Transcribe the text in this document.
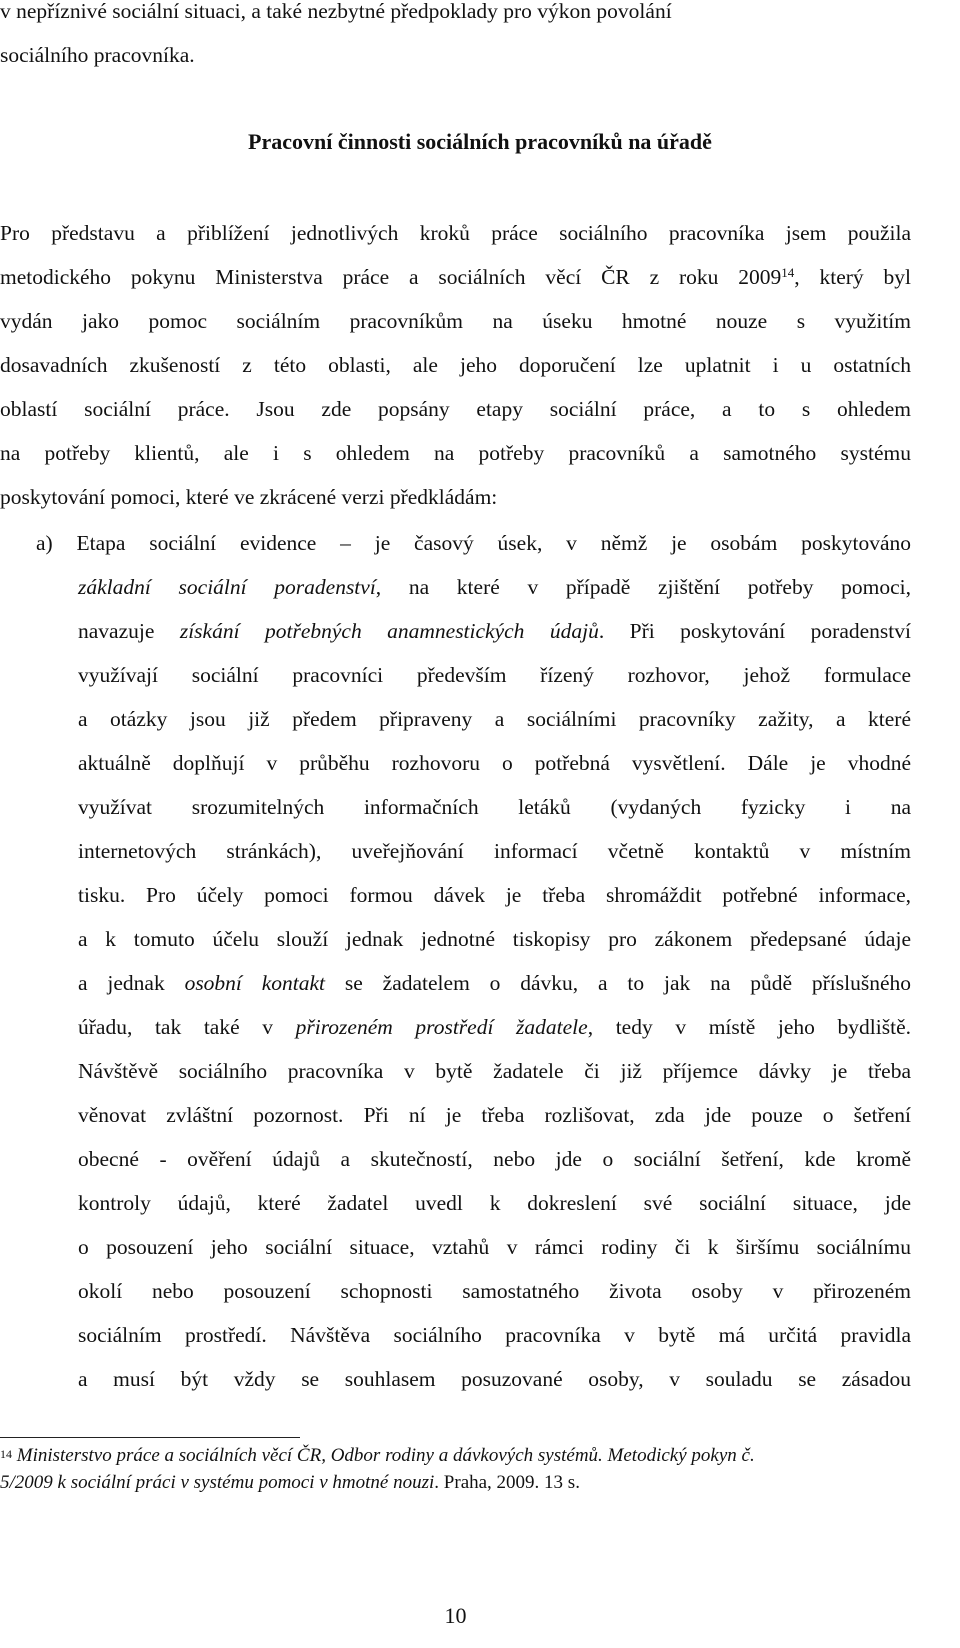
v nepříznivé sociální situaci, a také nezbytné předpoklady pro výkon povolání
sociálního pracovníka.
Pracovní činnosti sociálních pracovníků na úřadě
Pro představu a přiblížení jednotlivých kroků práce sociálního pracovníka jsem použila
metodického pokynu Ministerstva práce a sociálních věcí ČR z roku 2009$^{14}$, který byl
vydán jako pomoc sociálním pracovníkům na úseku hmotné nouze s využitím
dosavadních zkušeností z této oblasti, ale jeho doporučení lze uplatnit i u ostatních
oblastí sociální práce. Jsou zde popsány etapy sociální práce, a to s ohledem
na potřeby klientů, ale i s ohledem na potřeby pracovníků a samotného systému
poskytování pomoci, které ve zkrácené verzi předkládám:
a) Etapa sociální evidence – je časový úsek, v němž je osobám poskytováno
základní sociální poradenství, na které v případě zjištění potřeby pomoci,
navazuje získání potřebných anamnestických údajů. Při poskytování poradenství
využívají sociální pracovníci především řízený rozhovor, jehož formulace
a otázky jsou již předem připraveny a sociálními pracovníky zažity, a které
aktuálně doplňují v průběhu rozhovoru o potřebná vysvětlení. Dále je vhodné
využívat srozumitelných informačních letáků (vydaných fyzicky i na
internetových stránkách), uveřejňování informací včetně kontaktů v místním
tisku. Pro účely pomoci formou dávek je třeba shromáždit potřebné informace,
a k tomuto účelu slouží jednak jednotné tiskopisy pro zákonem předepsané údaje
a jednak osobní kontakt se žadatelem o dávku, a to jak na půdě příslušného
úřadu, tak také v přirozeném prostředí žadatele, tedy v místě jeho bydliště.
Návštěvě sociálního pracovníka v bytě žadatele či již příjemce dávky je třeba
věnovat zvláštní pozornost. Při ní je třeba rozlišovat, zda jde pouze o šetření
obecné - ověření údajů a skutečností, nebo jde o sociální šetření, kde kromě
kontroly údajů, které žadatel uvedl k dokreslení své sociální situace, jde
o posouzení jeho sociální situace, vztahů v rámci rodiny či k širšímu sociálnímu
okolí nebo posouzení schopnosti samostatného života osoby v přirozeném
sociálním prostředí. Návštěva sociálního pracovníka v bytě má určitá pravidla
a musí být vždy se souhlasem posuzované osoby, v souladu se zásadou
$^{14}$ Ministerstvo práce a sociálních věcí ČR, Odbor rodiny a dávkových systémů. Metodický pokyn č.
5/2009 k sociální práci v systému pomoci v hmotné nouzi. Praha, 2009. 13 s.
10
